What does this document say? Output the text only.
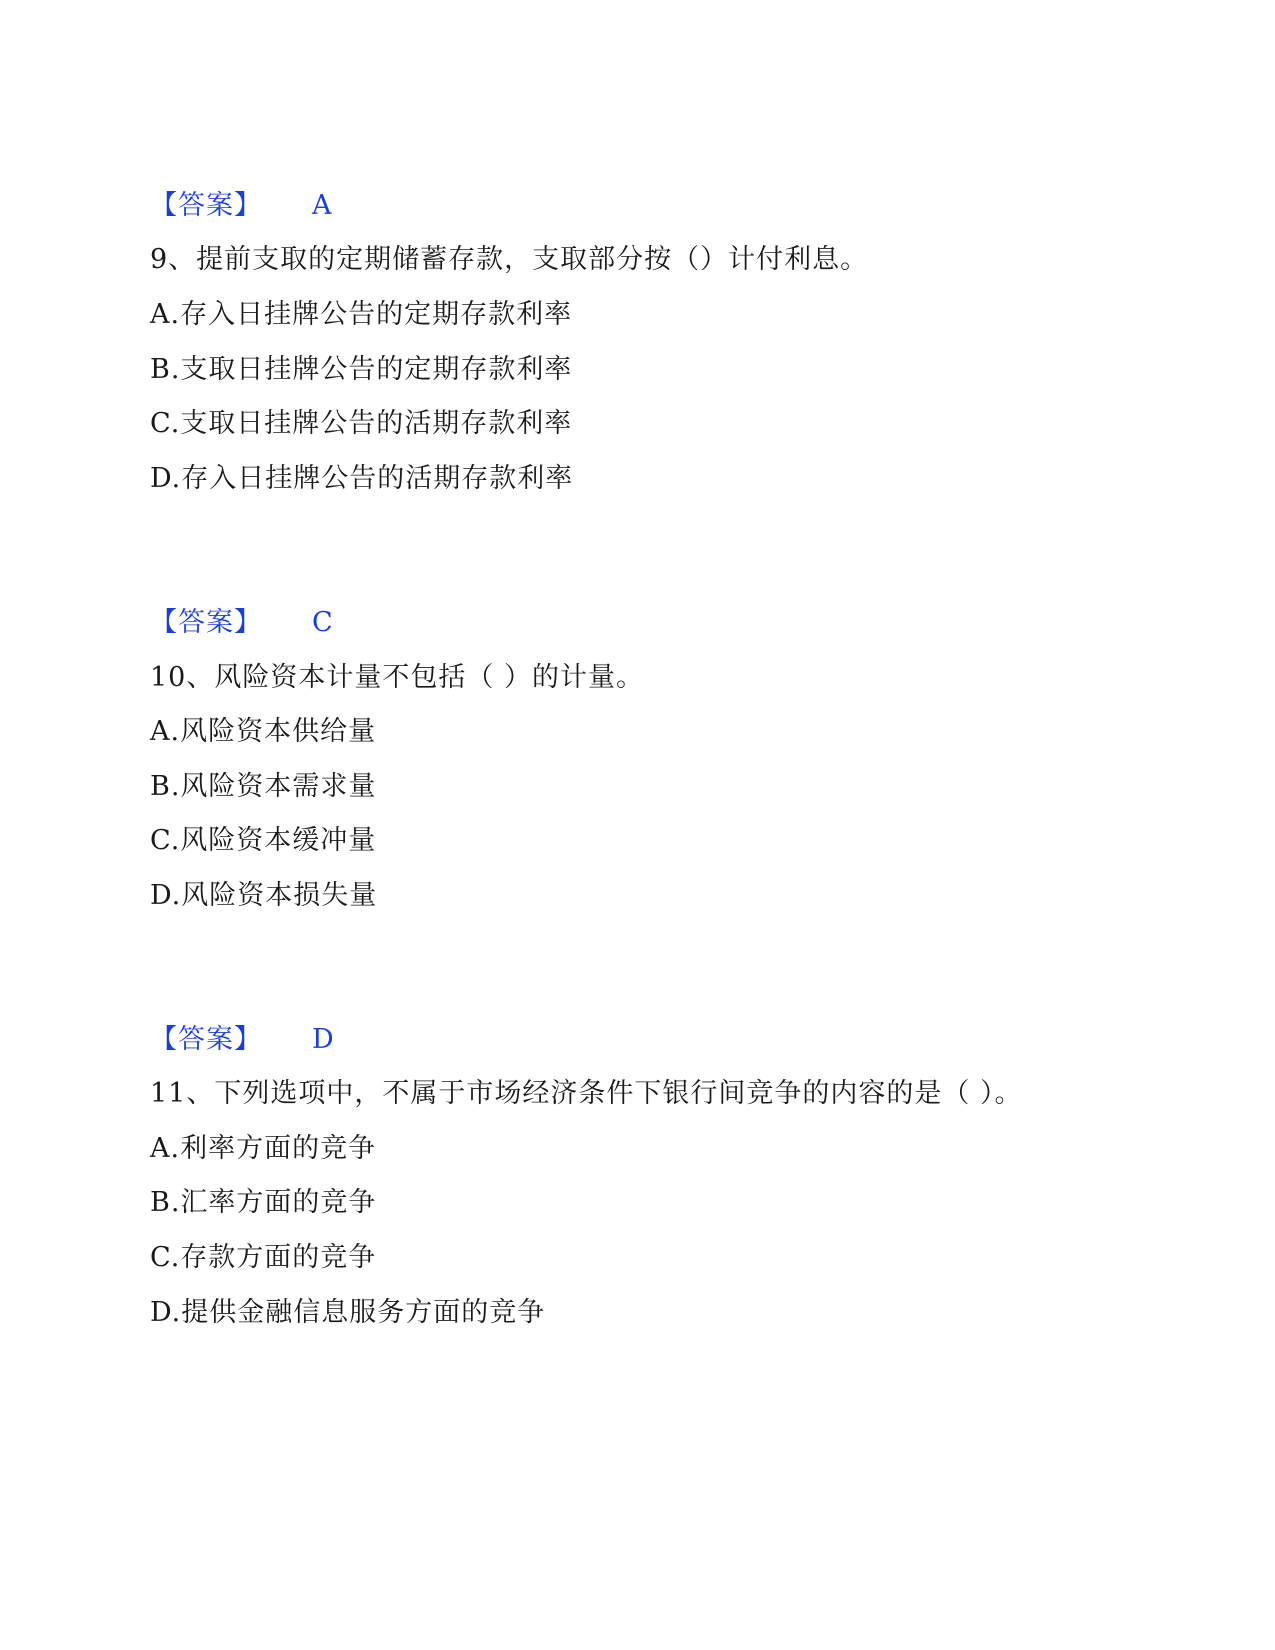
【答案】 A
9、提前支取的定期储蓄存款，支取部分按（）计付利息。
A.存入日挂牌公告的定期存款利率
B.支取日挂牌公告的定期存款利率
C.支取日挂牌公告的活期存款利率
D.存入日挂牌公告的活期存款利率
【答案】 C
10、风险资本计量不包括（ ）的计量。
A.风险资本供给量
B.风险资本需求量
C.风险资本缓冲量
D.风险资本损失量
【答案】 D
11、下列选项中，不属于市场经济条件下银行间竞争的内容的是（ ）。
A.利率方面的竞争
B.汇率方面的竞争
C.存款方面的竞争
D.提供金融信息服务方面的竞争
